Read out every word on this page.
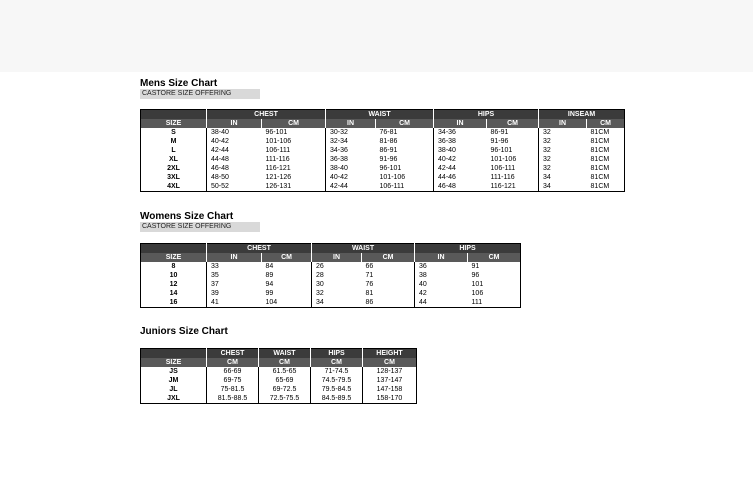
Mens Size Chart
CASTORE SIZE OFFERING
	CHEST		WAIST		HIPS		INSEAM	
SIZE	IN	CM	IN	CM	IN	CM	IN	CM
S	38-40	96-101	30-32	76-81	34-36	86-91	32	81CM
M	40-42	101-106	32-34	81-86	36-38	91-96	32	81CM
L	42-44	106-111	34-36	86-91	38-40	96-101	32	81CM
XL	44-48	111-116	36-38	91-96	40-42	101-106	32	81CM
2XL	46-48	116-121	38-40	96-101	42-44	106-111	32	81CM
3XL	48-50	121-126	40-42	101-106	44-46	111-116	34	81CM
4XL	50-52	126-131	42-44	106-111	46-48	116-121	34	81CM
Womens Size Chart
CASTORE SIZE OFFERING
	CHEST		WAIST		HIPS	
SIZE	IN	CM	IN	CM	IN	CM
8	33	84	26	66	36	91
10	35	89	28	71	38	96
12	37	94	30	76	40	101
14	39	99	32	81	42	106
16	41	104	34	86	44	111
Juniors Size Chart
	CHEST	WAIST	HIPS	HEIGHT
SIZE	CM	CM	CM	CM
JS	66-69	61.5-65	71-74.5	128-137
JM	69-75	65-69	74.5-79.5	137-147
JL	75-81.5	69-72.5	79.5-84.5	147-158
JXL	81.5-88.5	72.5-75.5	84.5-89.5	158-170
